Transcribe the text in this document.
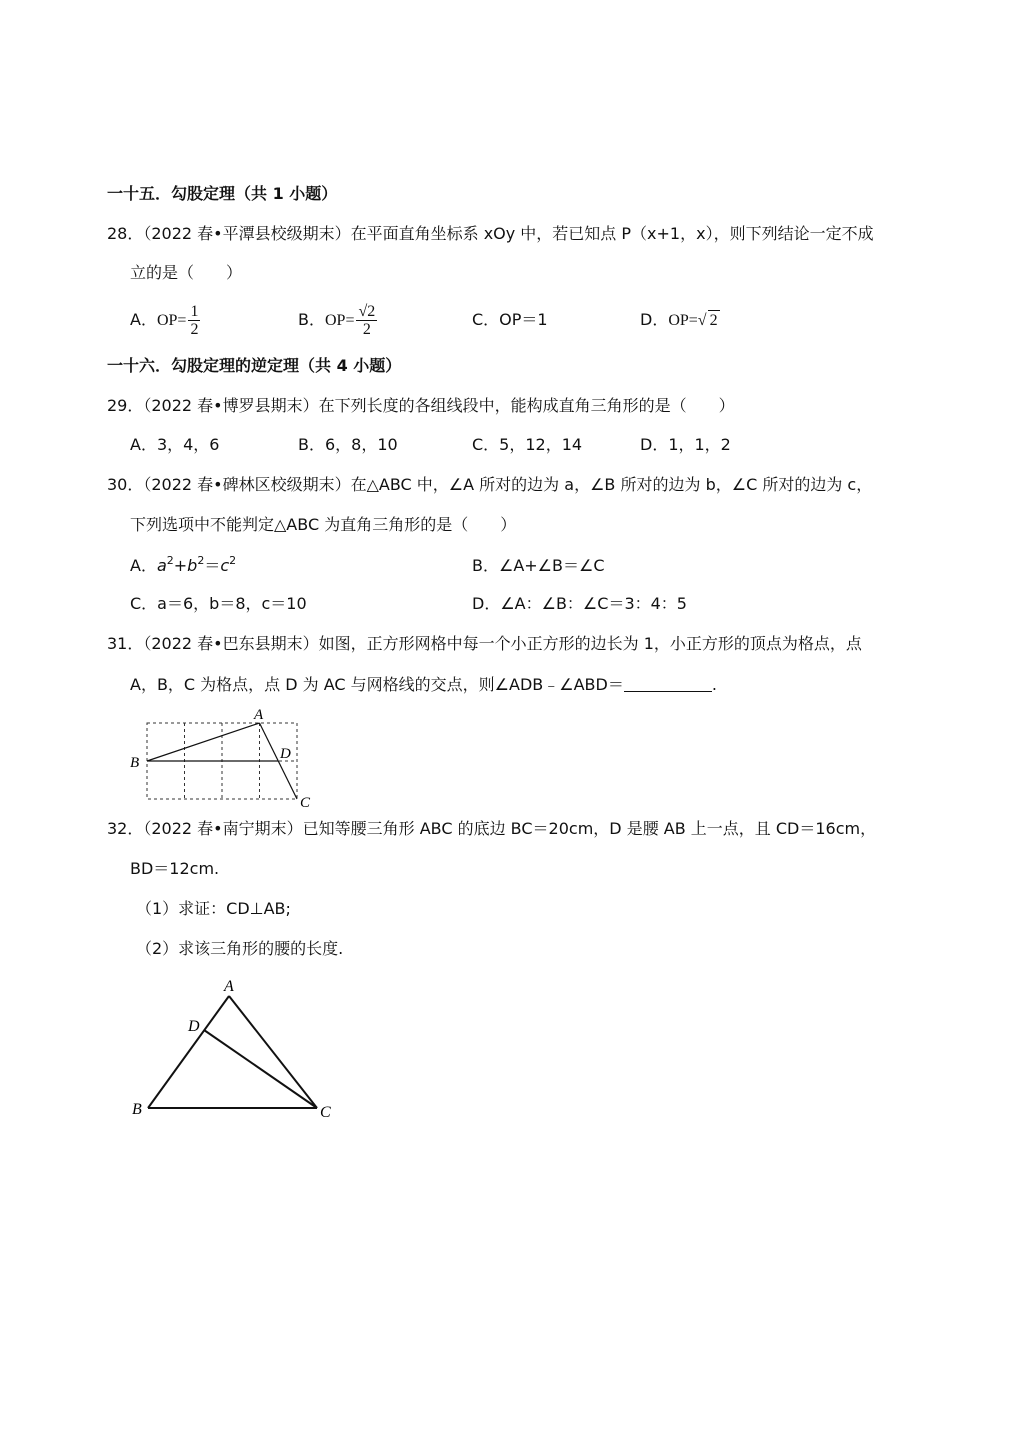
一十五．勾股定理（共 1 小题）
28．（2022 春•平潭县校级期末）在平面直角坐标系 xOy 中，若已知点 P（x+1，x），则下列结论一定不成
立的是（　　）
A．$OP= \frac{1}{2}$	B．$OP= \frac{√2}{2}$	C．OP＝1	D．OP=√ 2
一十六．勾股定理的逆定理（共 4 小题）
29．（2022 春•博罗县期末）在下列长度的各组线段中，能构成直角三角形的是（　　）
A．3，4，6	B．6，8，10	C．5，12，14	D．1，1，2
30．（2022 春•碑林区校级期末）在△ABC 中，∠A 所对的边为 a，∠B 所对的边为 b，∠C 所对的边为 c，
下列选项中不能判定△ABC 为直角三角形的是（　　）
A．$a^2+b^2=c^2$	B．∠A+∠B＝∠C
C．a＝6，b＝8，c＝10	D．∠A：∠B：∠C＝3：4：5
31．（2022 春•巴东县期末）如图，正方形网格中每一个小正方形的边长为 1，小正方形的顶点为格点，点
A，B，C 为格点，点 D 为 AC 与网格线的交点，则∠ADB﹣∠ABD＝	.
A
B
D
C
32．（2022 春•南宁期末）已知等腰三角形 ABC 的底边 BC＝20cm，D 是腰 AB 上一点，且 CD＝16cm，
BD＝12cm.
（1）求证：CD⊥AB;
（2）求该三角形的腰的长度.
A
D
B	C
